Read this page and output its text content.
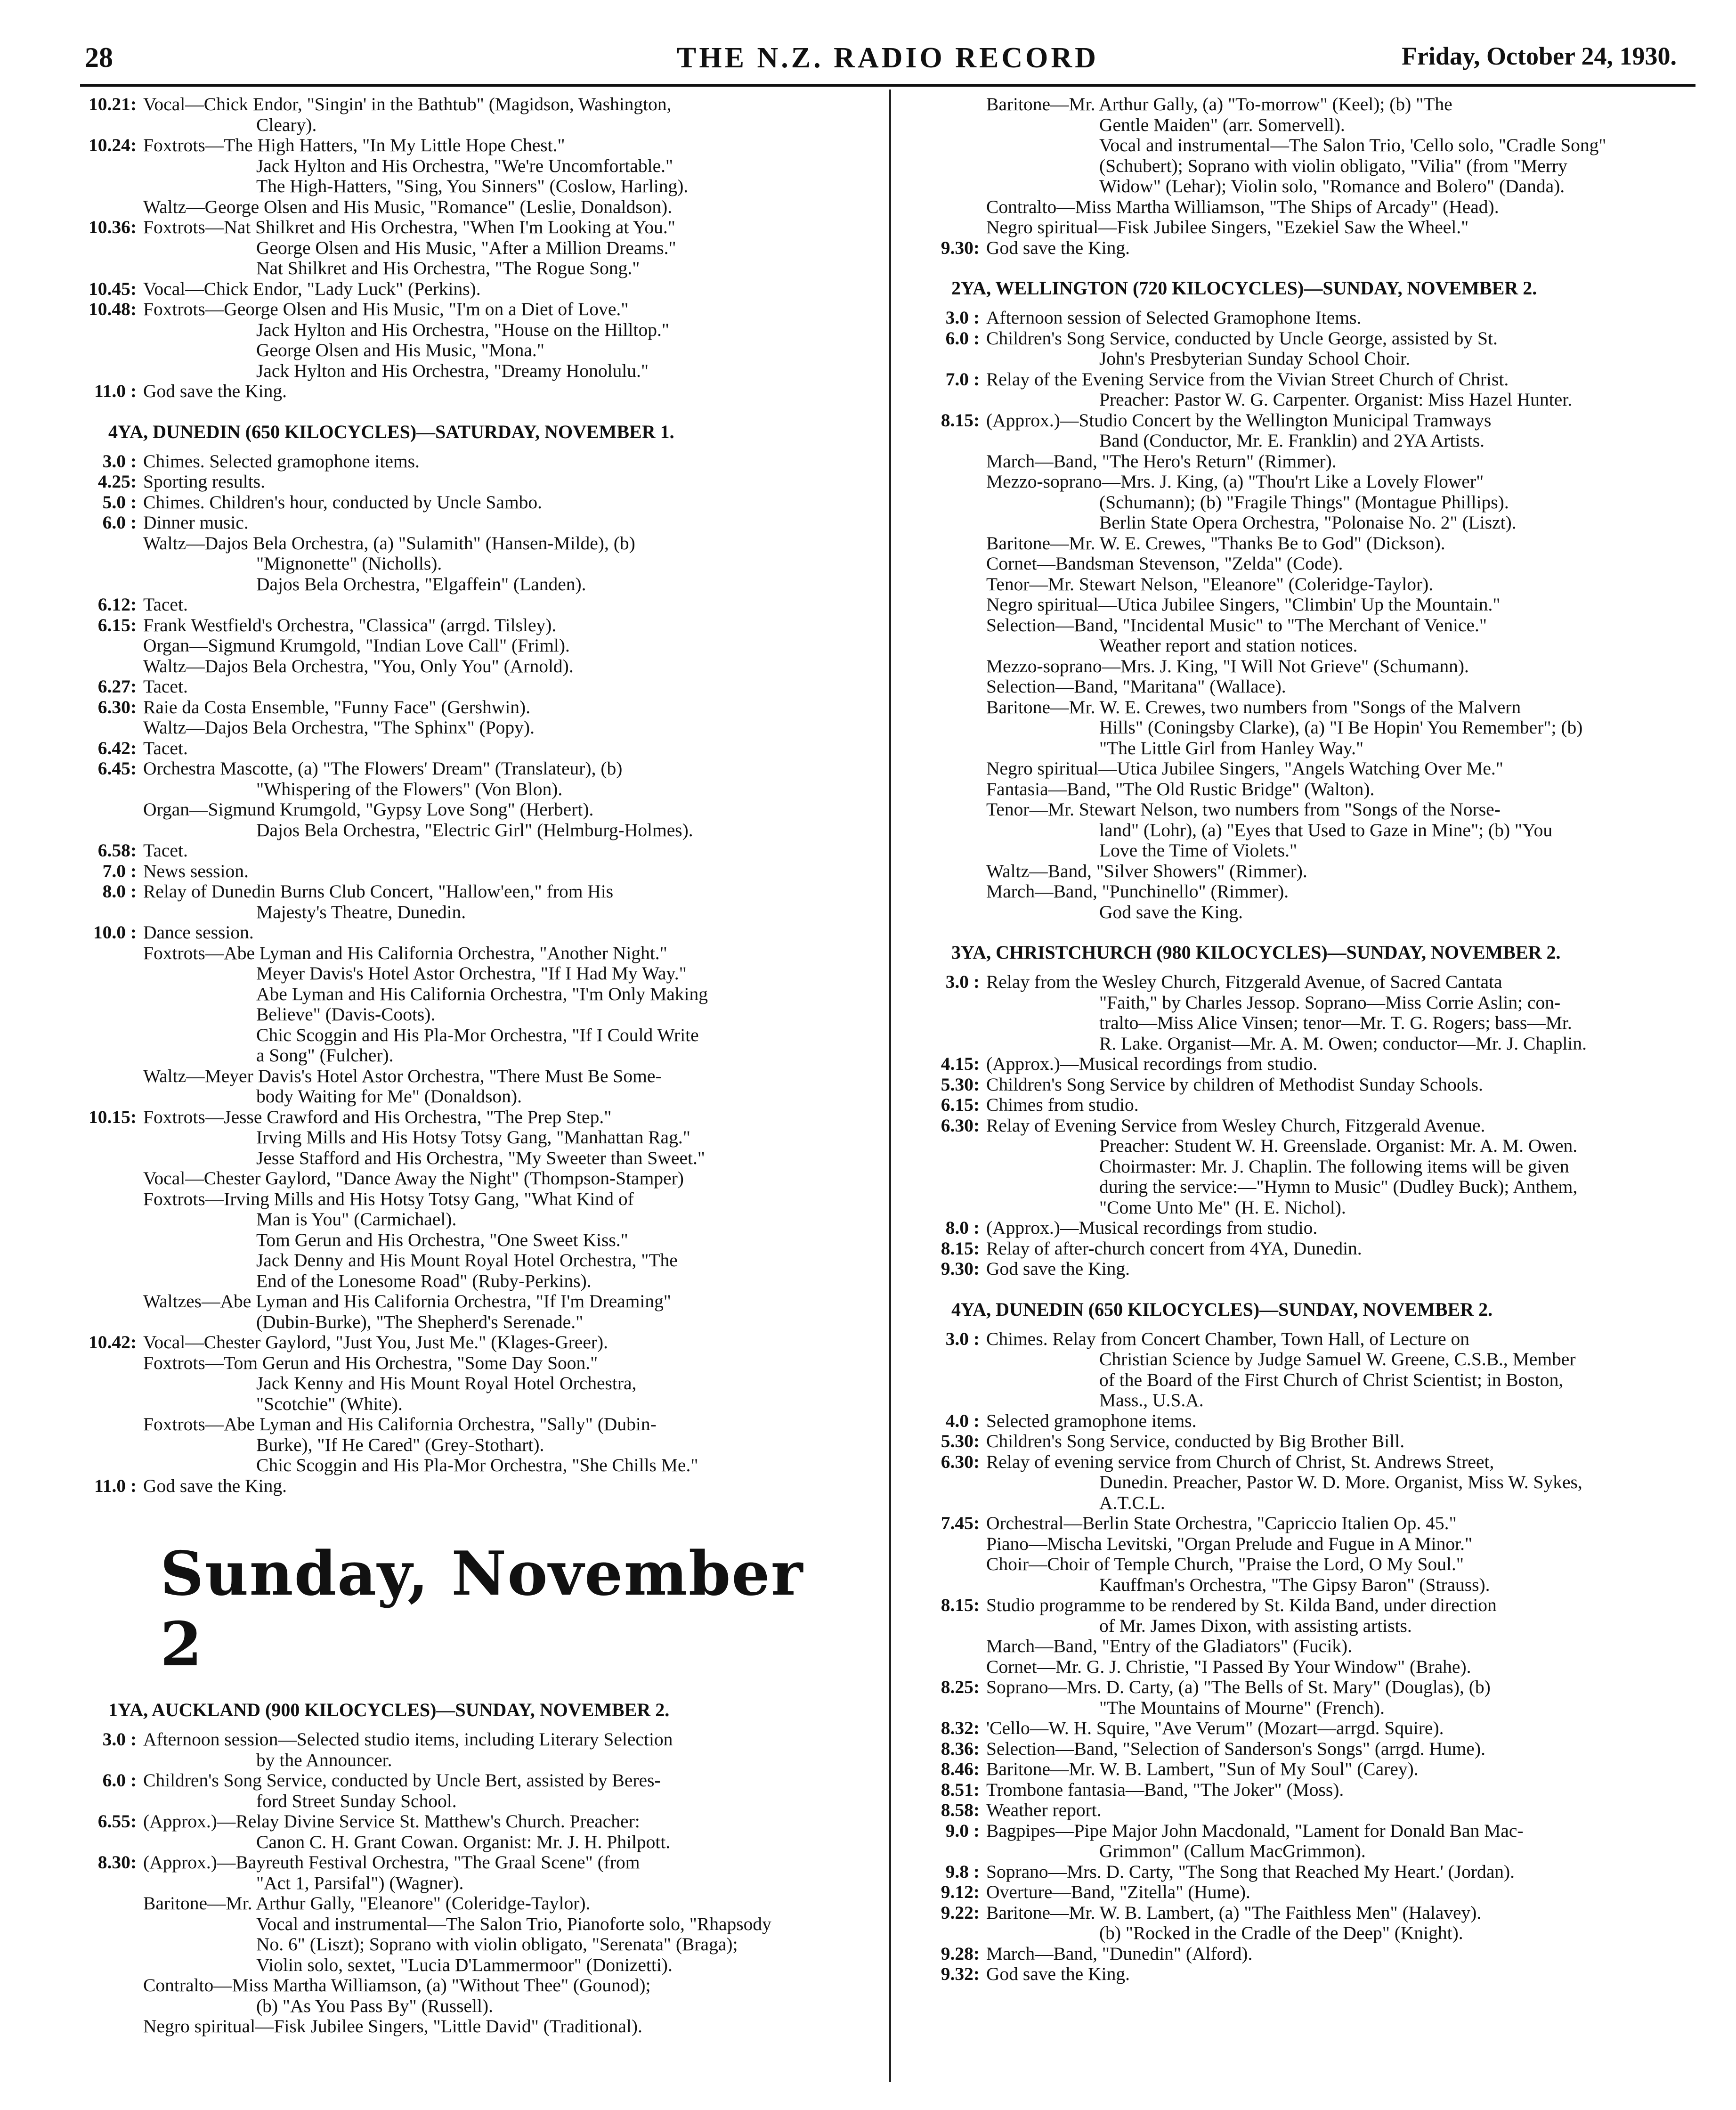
28	THE N.Z. RADIO RECORD	Friday, October 24, 1930.
10.21: Vocal—Chick Endor, "Singin' in the Bathtub" (Magidson, Washington,
Cleary).
10.24: Foxtrots—The High Hatters, "In My Little Hope Chest."
Jack Hylton and His Orchestra, "We're Uncomfortable."
The High-Hatters, "Sing, You Sinners" (Coslow, Harling).
Waltz—George Olsen and His Music, "Romance" (Leslie, Donaldson).
10.36: Foxtrots—Nat Shilkret and His Orchestra, "When I'm Looking at You."
George Olsen and His Music, "After a Million Dreams."
Nat Shilkret and His Orchestra, "The Rogue Song."
10.45: Vocal—Chick Endor, "Lady Luck" (Perkins).
10.48: Foxtrots—George Olsen and His Music, "I'm on a Diet of Love."
Jack Hylton and His Orchestra, "House on the Hilltop."
George Olsen and His Music, "Mona."
Jack Hylton and His Orchestra, "Dreamy Honolulu."
11.0 : God save the King.
4YA, DUNEDIN (650 KILOCYCLES)—SATURDAY, NOVEMBER 1.
3.0 : Chimes. Selected gramophone items.
4.25: Sporting results.
5.0 : Chimes. Children's hour, conducted by Uncle Sambo.
6.0 : Dinner music.
Waltz—Dajos Bela Orchestra, (a) "Sulamith" (Hansen-Milde), (b)
"Mignonette" (Nicholls).
Dajos Bela Orchestra, "Elgaffein" (Landen).
6.12: Tacet.
6.15: Frank Westfield's Orchestra, "Classica" (arrgd. Tilsley).
Organ—Sigmund Krumgold, "Indian Love Call" (Friml).
Waltz—Dajos Bela Orchestra, "You, Only You" (Arnold).
6.27: Tacet.
6.30: Raie da Costa Ensemble, "Funny Face" (Gershwin).
Waltz—Dajos Bela Orchestra, "The Sphinx" (Popy).
6.42: Tacet.
6.45: Orchestra Mascotte, (a) "The Flowers' Dream" (Translateur), (b)
"Whispering of the Flowers" (Von Blon).
Organ—Sigmund Krumgold, "Gypsy Love Song" (Herbert).
Dajos Bela Orchestra, "Electric Girl" (Helmburg-Holmes).
6.58: Tacet.
7.0 : News session.
8.0 : Relay of Dunedin Burns Club Concert, "Hallow'een," from His
Majesty's Theatre, Dunedin.
10.0 : Dance session.
Foxtrots—Abe Lyman and His California Orchestra, "Another Night."
Meyer Davis's Hotel Astor Orchestra, "If I Had My Way."
Abe Lyman and His California Orchestra, "I'm Only Making
Believe" (Davis-Coots).
Chic Scoggin and His Pla-Mor Orchestra, "If I Could Write
a Song" (Fulcher).
Waltz—Meyer Davis's Hotel Astor Orchestra, "There Must Be Some-
body Waiting for Me" (Donaldson).
10.15: Foxtrots—Jesse Crawford and His Orchestra, "The Prep Step."
Irving Mills and His Hotsy Totsy Gang, "Manhattan Rag."
Jesse Stafford and His Orchestra, "My Sweeter than Sweet."
Vocal—Chester Gaylord, "Dance Away the Night" (Thompson-Stamper)
Foxtrots—Irving Mills and His Hotsy Totsy Gang, "What Kind of
Man is You" (Carmichael).
Tom Gerun and His Orchestra, "One Sweet Kiss."
Jack Denny and His Mount Royal Hotel Orchestra, "The
End of the Lonesome Road" (Ruby-Perkins).
Waltzes—Abe Lyman and His California Orchestra, "If I'm Dreaming"
(Dubin-Burke), "The Shepherd's Serenade."
10.42: Vocal—Chester Gaylord, "Just You, Just Me." (Klages-Greer).
Foxtrots—Tom Gerun and His Orchestra, "Some Day Soon."
Jack Kenny and His Mount Royal Hotel Orchestra,
"Scotchie" (White).
Foxtrots—Abe Lyman and His California Orchestra, "Sally" (Dubin-
Burke), "If He Cared" (Grey-Stothart).
Chic Scoggin and His Pla-Mor Orchestra, "She Chills Me."
11.0 : God save the King.
Sunday, November 2
1YA, AUCKLAND (900 KILOCYCLES)—SUNDAY, NOVEMBER 2.
3.0 : Afternoon session—Selected studio items, including Literary Selection
by the Announcer.
6.0 : Children's Song Service, conducted by Uncle Bert, assisted by Beres-
ford Street Sunday School.
6.55: (Approx.)—Relay Divine Service St. Matthew's Church. Preacher:
Canon C. H. Grant Cowan. Organist: Mr. J. H. Philpott.
8.30: (Approx.)—Bayreuth Festival Orchestra, "The Graal Scene" (from
"Act 1, Parsifal") (Wagner).
Baritone—Mr. Arthur Gally, "Eleanore" (Coleridge-Taylor).
Vocal and instrumental—The Salon Trio, Pianoforte solo, "Rhapsody
No. 6" (Liszt); Soprano with violin obligato, "Serenata" (Braga);
Violin solo, sextet, "Lucia D'Lammermoor" (Donizetti).
Contralto—Miss Martha Williamson, (a) "Without Thee" (Gounod);
(b) "As You Pass By" (Russell).
Negro spiritual—Fisk Jubilee Singers, "Little David" (Traditional).
Baritone—Mr. Arthur Gally, (a) "To-morrow" (Keel); (b) "The
Gentle Maiden" (arr. Somervell).
Vocal and instrumental—The Salon Trio, 'Cello solo, "Cradle Song"
(Schubert); Soprano with violin obligato, "Vilia" (from "Merry
Widow" (Lehar); Violin solo, "Romance and Bolero" (Danda).
Contralto—Miss Martha Williamson, "The Ships of Arcady" (Head).
Negro spiritual—Fisk Jubilee Singers, "Ezekiel Saw the Wheel."
9.30: God save the King.
2YA, WELLINGTON (720 KILOCYCLES)—SUNDAY, NOVEMBER 2.
3.0 : Afternoon session of Selected Gramophone Items.
6.0 : Children's Song Service, conducted by Uncle George, assisted by St.
John's Presbyterian Sunday School Choir.
7.0 : Relay of the Evening Service from the Vivian Street Church of Christ.
Preacher: Pastor W. G. Carpenter. Organist: Miss Hazel Hunter.
8.15: (Approx.)—Studio Concert by the Wellington Municipal Tramways
Band (Conductor, Mr. E. Franklin) and 2YA Artists.
March—Band, "The Hero's Return" (Rimmer).
Mezzo-soprano—Mrs. J. King, (a) "Thou'rt Like a Lovely Flower"
(Schumann); (b) "Fragile Things" (Montague Phillips).
Berlin State Opera Orchestra, "Polonaise No. 2" (Liszt).
Baritone—Mr. W. E. Crewes, "Thanks Be to God" (Dickson).
Cornet—Bandsman Stevenson, "Zelda" (Code).
Tenor—Mr. Stewart Nelson, "Eleanore" (Coleridge-Taylor).
Negro spiritual—Utica Jubilee Singers, "Climbin' Up the Mountain."
Selection—Band, "Incidental Music" to "The Merchant of Venice."
Weather report and station notices.
Mezzo-soprano—Mrs. J. King, "I Will Not Grieve" (Schumann).
Selection—Band, "Maritana" (Wallace).
Baritone—Mr. W. E. Crewes, two numbers from "Songs of the Malvern
Hills" (Coningsby Clarke), (a) "I Be Hopin' You Remember"; (b)
"The Little Girl from Hanley Way."
Negro spiritual—Utica Jubilee Singers, "Angels Watching Over Me."
Fantasia—Band, "The Old Rustic Bridge" (Walton).
Tenor—Mr. Stewart Nelson, two numbers from "Songs of the Norse-
land" (Lohr), (a) "Eyes that Used to Gaze in Mine"; (b) "You
Love the Time of Violets."
Waltz—Band, "Silver Showers" (Rimmer).
March—Band, "Punchinello" (Rimmer).
God save the King.
3YA, CHRISTCHURCH (980 KILOCYCLES)—SUNDAY, NOVEMBER 2.
3.0 : Relay from the Wesley Church, Fitzgerald Avenue, of Sacred Cantata
"Faith," by Charles Jessop. Soprano—Miss Corrie Aslin; con-
tralto—Miss Alice Vinsen; tenor—Mr. T. G. Rogers; bass—Mr.
R. Lake. Organist—Mr. A. M. Owen; conductor—Mr. J. Chaplin.
4.15: (Approx.)—Musical recordings from studio.
5.30: Children's Song Service by children of Methodist Sunday Schools.
6.15: Chimes from studio.
6.30: Relay of Evening Service from Wesley Church, Fitzgerald Avenue.
Preacher: Student W. H. Greenslade. Organist: Mr. A. M. Owen.
Choirmaster: Mr. J. Chaplin. The following items will be given
during the service:—"Hymn to Music" (Dudley Buck); Anthem,
"Come Unto Me" (H. E. Nichol).
8.0 : (Approx.)—Musical recordings from studio.
8.15: Relay of after-church concert from 4YA, Dunedin.
9.30: God save the King.
4YA, DUNEDIN (650 KILOCYCLES)—SUNDAY, NOVEMBER 2.
3.0 : Chimes. Relay from Concert Chamber, Town Hall, of Lecture on
Christian Science by Judge Samuel W. Greene, C.S.B., Member
of the Board of the First Church of Christ Scientist; in Boston,
Mass., U.S.A.
4.0 : Selected gramophone items.
5.30: Children's Song Service, conducted by Big Brother Bill.
6.30: Relay of evening service from Church of Christ, St. Andrews Street,
Dunedin. Preacher, Pastor W. D. More. Organist, Miss W. Sykes,
A.T.C.L.
7.45: Orchestral—Berlin State Orchestra, "Capriccio Italien Op. 45."
Piano—Mischa Levitski, "Organ Prelude and Fugue in A Minor."
Choir—Choir of Temple Church, "Praise the Lord, O My Soul."
Kauffman's Orchestra, "The Gipsy Baron" (Strauss).
8.15: Studio programme to be rendered by St. Kilda Band, under direction
of Mr. James Dixon, with assisting artists.
March—Band, "Entry of the Gladiators" (Fucik).
Cornet—Mr. G. J. Christie, "I Passed By Your Window" (Brahe).
8.25: Soprano—Mrs. D. Carty, (a) "The Bells of St. Mary" (Douglas), (b)
"The Mountains of Mourne" (French).
8.32: 'Cello—W. H. Squire, "Ave Verum" (Mozart—arrgd. Squire).
8.36: Selection—Band, "Selection of Sanderson's Songs" (arrgd. Hume).
8.46: Baritone—Mr. W. B. Lambert, "Sun of My Soul" (Carey).
8.51: Trombone fantasia—Band, "The Joker" (Moss).
8.58: Weather report.
9.0 : Bagpipes—Pipe Major John Macdonald, "Lament for Donald Ban Mac-
Grimmon" (Callum MacGrimmon).
9.8 : Soprano—Mrs. D. Carty, "The Song that Reached My Heart.' (Jordan).
9.12: Overture—Band, "Zitella" (Hume).
9.22: Baritone—Mr. W. B. Lambert, (a) "The Faithless Men" (Halavey).
(b) "Rocked in the Cradle of the Deep" (Knight).
9.28: March—Band, "Dunedin" (Alford).
9.32: God save the King.
